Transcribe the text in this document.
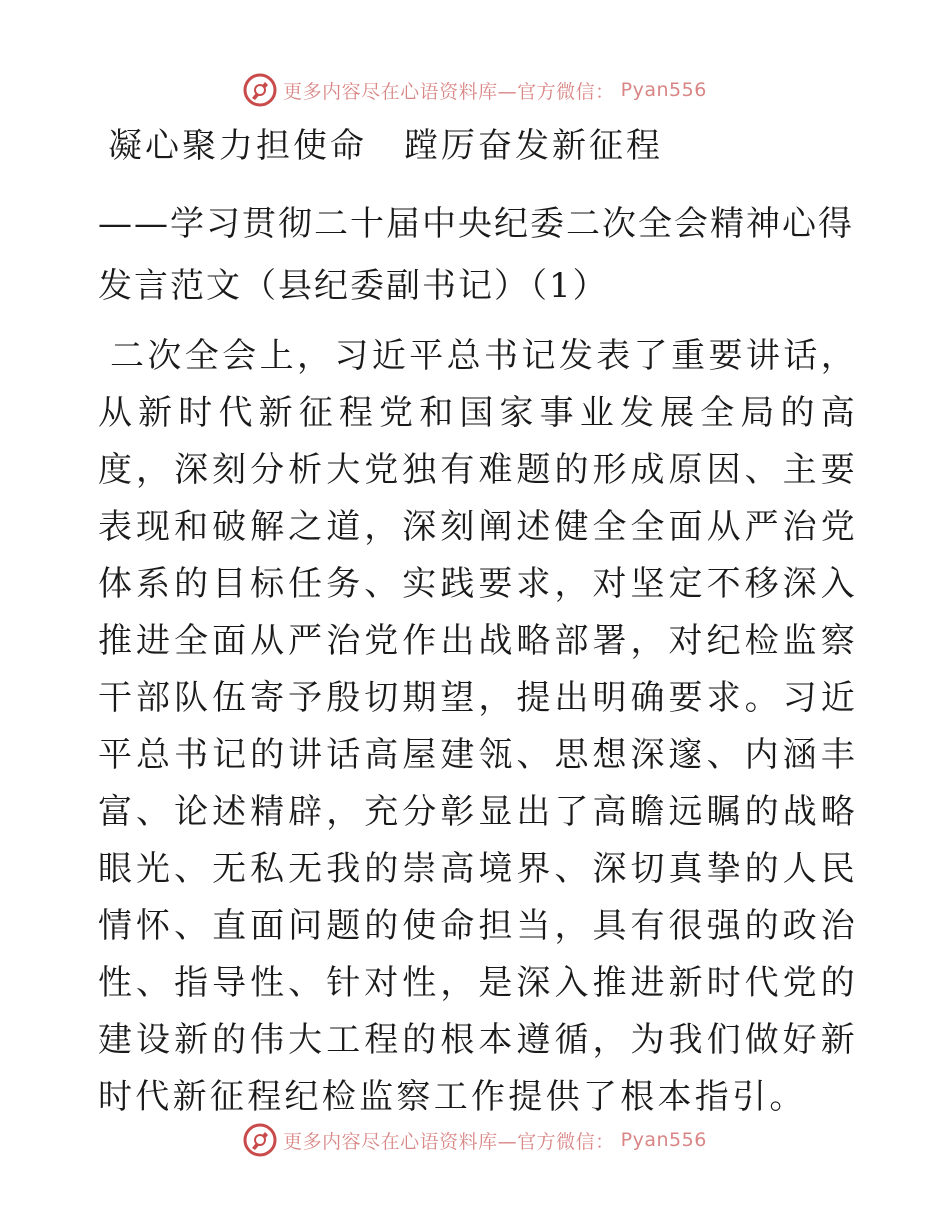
更多内容尽在心语资料库—官方微信： Pyan556
凝心聚力担使命　蹚厉奋发新征程
——学习贯彻二十届中央纪委二次全会精神心得发言范文（县纪委副书记）（1）
二次全会上，习近平总书记发表了重要讲话，从新时代新征程党和国家事业发展全局的高度，深刻分析大党独有难题的形成原因、主要表现和破解之道，深刻阐述健全全面从严治党体系的目标任务、实践要求，对坚定不移深入推进全面从严治党作出战略部署，对纪检监察干部队伍寄予殷切期望，提出明确要求。习近平总书记的讲话高屋建瓴、思想深邃、内涵丰富、论述精辟，充分彰显出了高瞻远瞩的战略眼光、无私无我的崇高境界、深切真挚的人民情怀、直面问题的使命担当，具有很强的政治性、指导性、针对性，是深入推进新时代党的建设新的伟大工程的根本遵循，为我们做好新时代新征程纪检监察工作提供了根本指引。
更多内容尽在心语资料库—官方微信： Pyan556
